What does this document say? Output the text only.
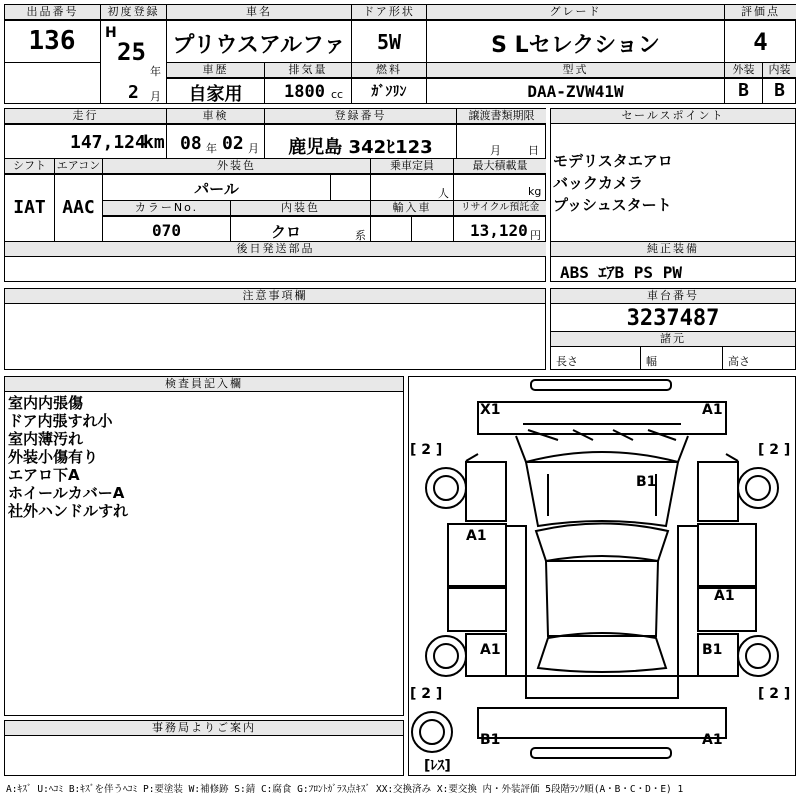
出品番号
136
初度登録
H
25
年
2 月
車名
プリウスアルファ
ドア形状
5W
グレード
S Lセレクション
評価点
4
車歴
自家用
排気量
1800 cc
燃料
ｶﾞｿﾘﾝ
型式
DAA-ZVW41W
外装	内装
B	B
走行
147,124
km
車検
08 年 02 月
登録番号
鹿児島 342ﾋ123
譲渡書類期限
月 日
シフト
IAT
エアコン
AAC
外装色
パール
乗車定員
人
最大積載量
kg
カラーNo.
070
内装色
クロ	系
輸入車	リサイクル預託金
13,120 円
後日発送部品
セールスポイント
モデリスタエアロ
バックカメラ
プッシュスタート
純正装備
ABS ｴｱB PS PW
注意事項欄	車台番号
3237487
諸元
長さ	幅	高さ
検査員記入欄
室内内張傷
ドア内張すれ小
室内薄汚れ
外装小傷有り
エアロ下A
ホイールカバーA
社外ハンドルすれ
事務局よりご案内
X1	A1
B1
A1
A1
A1	B1
B1	A1
[ 2 ]	[ 2 ]
[ 2 ]	[ 2 ]
[ﾚｽ]
A:ｷｽﾞ U:ﾍｺﾐ B:ｷｽﾞを伴うﾍｺﾐ P:要塗装 W:補修跡 S:錆 C:腐食 G:ﾌﾛﾝﾄｶﾞﾗｽ点ｷｽﾞ XX:交換済み X:要交換 内・外装評価 5段階ﾗﾝｸ順(A・B・C・D・E) 1
